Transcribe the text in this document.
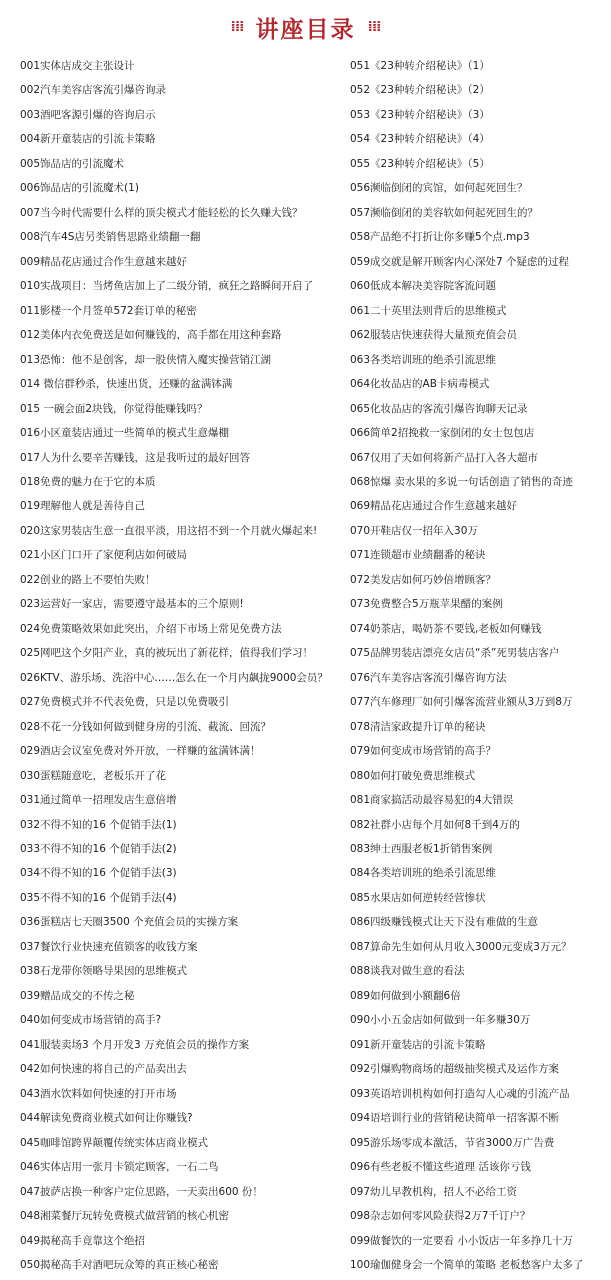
⁞⁞⁞ 讲座目录 ⁞⁞⁞
001实体店成交主张设计
002汽车美容店客流引爆咨询录
003酒吧客源引爆的咨询启示
004新开童装店的引流卡策略
005饰品店的引流魔术
006饰品店的引流魔术(1)
007当今时代需要什么样的顶尖模式才能轻松的长久赚大钱？
008汽车4S店另类销售思路业绩翻一翻
009精品花店通过合作生意越来越好
010实战项目：当烤鱼店加上了二级分销，疯狂之路瞬间开启了
011影楼一个月签单572套订单的秘密
012美体内衣免费送是如何赚钱的，高手都在用这种套路
013恐怖：他不是创客，却一股侠情入魔实操营销江湖
014 微信群秒杀，快速出货，还赚的盆满钵满
015 一碗会面2块钱，你觉得能赚钱吗？
016小区童装店通过一些简单的模式生意爆棚
017人为什么要辛苦赚钱，这是我听过的最好回答
018免费的魅力在于它的本质
019理解他人就是善待自己
020这家男装店生意一直很平淡，用这招不到一个月就火爆起来!
021小区门口开了家便利店如何破局
022创业的路上不要怕失败！
023运营好一家店，需要遵守最基本的三个原则!
024免费策略效果如此突出，介绍下市场上常见免费方法
025网吧这个夕阳产业，真的被玩出了新花样，值得我们学习！
026KTV、游乐场、洗浴中心……怎么在一个月内飙拢9000会员？
027免费模式并不代表免费，只是以免费吸引
028不花一分钱如何做到健身房的引流、截流、回流？
029酒店会议室免费对外开放，一样赚的盆满钵满！
030蛋糕随意吃，老板乐开了花
031通过简单一招理发店生意倍增
032不得不知的16 个促销手法(1)
033不得不知的16 个促销手法(2)
034不得不知的16 个促销手法(3)
035不得不知的16 个促销手法(4)
036蛋糕店七天圈3500 个充值会员的实操方案
037餐饮行业快速充值锁客的收钱方案
038石龙带你领略导果因的思维模式
039赠品成交的不传之秘
040如何变成市场营销的高手?
041服装卖场3 个月开发3 万充值会员的操作方案
042如何快速的将自己的产品卖出去
043酒水饮料如何快速的打开市场
044解读免费商业模式如何让你赚钱?
045咖啡馆跨界颠覆传统实体店商业模式
046实体店用一张月卡锁定顾客，一石二鸟
047披萨店换一种客户定位思路，一天卖出600 份！
048湘菜餐厅玩转免费模式做营销的核心机密
049揭秘高手竟靠这个绝招
050揭秘高手对酒吧玩众筹的真正核心秘密
051《23种转介绍秘诀》（1）
052《23种转介绍秘诀》（2）
053《23种转介绍秘诀》（3）
054《23种转介绍秘诀》（4）
055《23种转介绍秘诀》（5）
056濒临倒闭的宾馆，如何起死回生？
057濒临倒闭的美容软如何起死回生的？
058产品绝不打折让你多赚5个点.mp3
059成交就是解开顾客内心深处7 个疑虑的过程
060低成本解决美容院客流问题
061二十英里法则背后的思维模式
062服装店快速获得大量预充值会员
063各类培训班的绝杀引流思维
064化妆品店的AB卡病毒模式
065化妆品店的客流引爆咨询聊天记录
066简单2招挽救一家倒闭的女士包包店
067仅用了天如何将新产品打入各大超市
068惊爆 卖水果的多说一句话创造了销售的奇迹
069精品花店通过合作生意越来越好
070开鞋店仅一招年入30万
071连锁超市业绩翻番的秘诀
072美发店如何巧妙倍增顾客？
073免费整合5万瓶苹果醋的案例
074奶茶店，喝奶茶不要钱,老板如何赚钱
075品牌男装店漂亮女店员“杀”死男装店客户
076汽车美容店客流引爆咨询方法
077汽车修理厂如何引爆客流营业额从3万到8万
078清洁家政提升订单的秘诀
079如何变成市场营销的高手？
080如何打破免费思维模式
081商家搞活动最容易犯的4大错误
082社群小店每个月如何8千到4万的
083绅士西服老板1折销售案例
084各类培训班的绝杀引流思维
085水果店如何逆转经营惨状
086四级赚钱模式让天下没有难做的生意
087算命先生如何从月收入3000元变成3万元？
088谈我对做生意的看法
089如何做到小额翻6倍
090小小五金店如何做到一年多赚30万
091新开童装店的引流卡策略
092引爆购物商场的超级抽奖模式及运作方案
093英语培训机构如何打造勾人心魂的引流产品
094语培训行业的营销秘诀简单一招客源不断
095游乐场零成本激活，节省3000万广告费
096有些老板不懂这些道理 活该你亏钱
097幼儿早教机构，招人不必给工资
098杂志如何零风险获得2万7千订户？
099做餐饮的一定要看 小小饭店一年多挣几十万
100瑜伽健身会一个简单的策略 老板愁客户太多了
